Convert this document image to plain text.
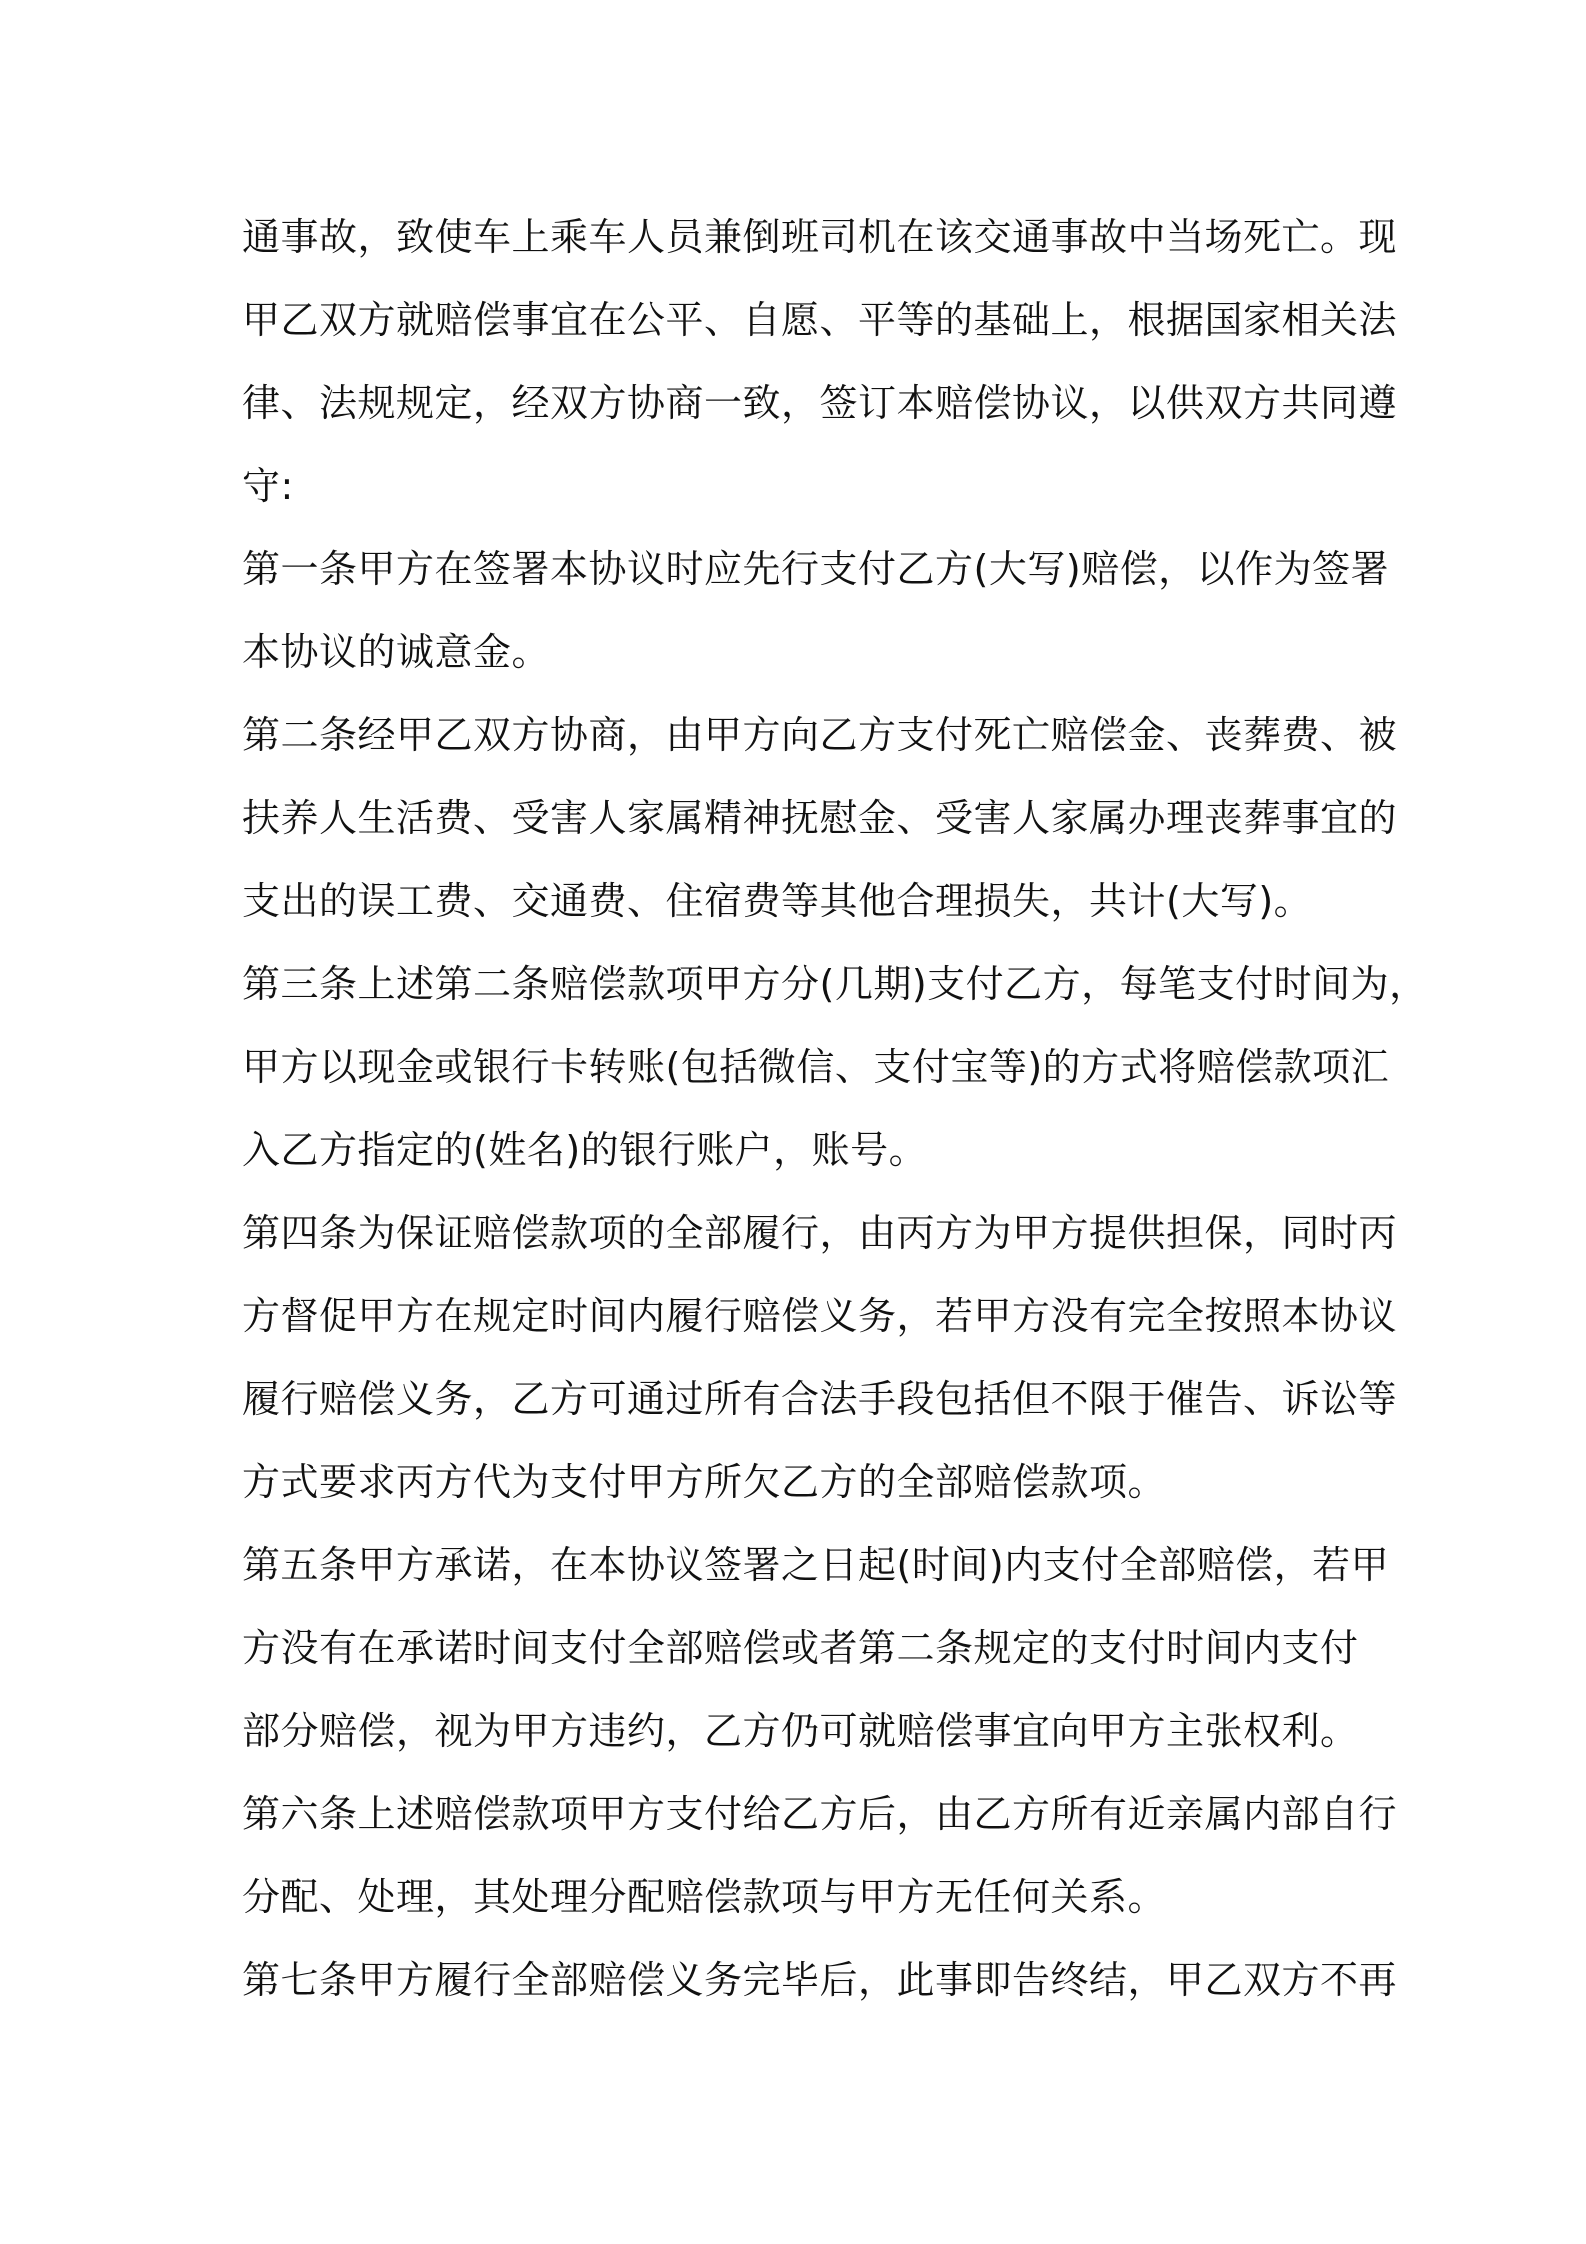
通事故，致使车上乘车人员兼倒班司机在该交通事故中当场死亡。现
甲乙双方就赔偿事宜在公平、自愿、平等的基础上，根据国家相关法
律、法规规定，经双方协商一致，签订本赔偿协议，以供双方共同遵
守:
第一条甲方在签署本协议时应先行支付乙方(大写)赔偿，以作为签署
本协议的诚意金。
第二条经甲乙双方协商，由甲方向乙方支付死亡赔偿金、丧葬费、被
扶养人生活费、受害人家属精神抚慰金、受害人家属办理丧葬事宜的
支出的误工费、交通费、住宿费等其他合理损失，共计(大写)。
第三条上述第二条赔偿款项甲方分(几期)支付乙方，每笔支付时间为，
甲方以现金或银行卡转账(包括微信、支付宝等)的方式将赔偿款项汇
入乙方指定的(姓名)的银行账户，账号。
第四条为保证赔偿款项的全部履行，由丙方为甲方提供担保，同时丙
方督促甲方在规定时间内履行赔偿义务，若甲方没有完全按照本协议
履行赔偿义务，乙方可通过所有合法手段包括但不限于催告、诉讼等
方式要求丙方代为支付甲方所欠乙方的全部赔偿款项。
第五条甲方承诺，在本协议签署之日起(时间)内支付全部赔偿，若甲
方没有在承诺时间支付全部赔偿或者第二条规定的支付时间内支付
部分赔偿，视为甲方违约，乙方仍可就赔偿事宜向甲方主张权利。
第六条上述赔偿款项甲方支付给乙方后，由乙方所有近亲属内部自行
分配、处理，其处理分配赔偿款项与甲方无任何关系。
第七条甲方履行全部赔偿义务完毕后，此事即告终结，甲乙双方不再
